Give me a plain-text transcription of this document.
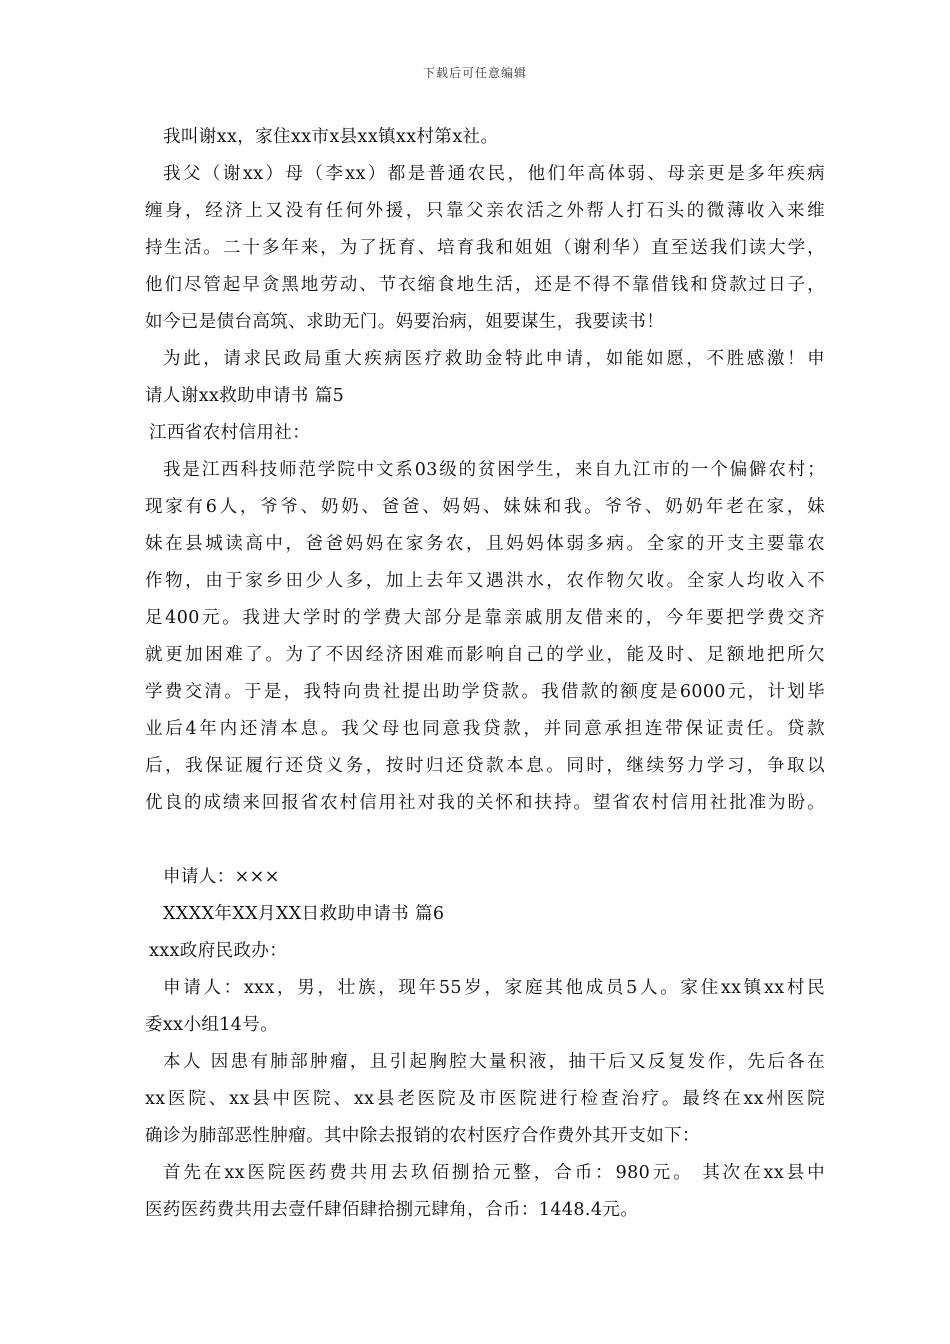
下载后可任意编辑
我叫谢xx，家住xx市x县xx镇xx村第x社。
我父（谢xx）母（李xx）都是普通农民，他们年高体弱、母亲更是多年疾病
缠身，经济上又没有任何外援，只靠父亲农活之外帮人打石头的微薄收入来维
持生活。二十多年来，为了抚育、培育我和姐姐（谢利华）直至送我们读大学，
他们尽管起早贪黑地劳动、节衣缩食地生活，还是不得不靠借钱和贷款过日子，
如今已是债台高筑、求助无门。妈要治病，姐要谋生，我要读书！
为此，请求民政局重大疾病医疗救助金特此申请，如能如愿，不胜感激！申
请人谢xx救助申请书 篇5
江西省农村信用社：
我是江西科技师范学院中文系03级的贫困学生，来自九江市的一个偏僻农村；
现家有6人，爷爷、奶奶、爸爸、妈妈、妹妹和我。爷爷、奶奶年老在家，妹
妹在县城读高中，爸爸妈妈在家务农，且妈妈体弱多病。全家的开支主要靠农
作物，由于家乡田少人多，加上去年又遇洪水，农作物欠收。全家人均收入不
足400元。我进大学时的学费大部分是靠亲戚朋友借来的，今年要把学费交齐
就更加困难了。为了不因经济困难而影响自己的学业，能及时、足额地把所欠
学费交清。于是，我特向贵社提出助学贷款。我借款的额度是6000元，计划毕
业后4年内还清本息。我父母也同意我贷款，并同意承担连带保证责任。贷款
后，我保证履行还贷义务，按时归还贷款本息。同时，继续努力学习，争取以
优良的成绩来回报省农村信用社对我的关怀和扶持。望省农村信用社批准为盼。
申请人：×××
XXXX年XX月XX日救助申请书 篇6
xxx政府民政办：
申请人：xxx，男，壮族，现年55岁，家庭其他成员5人。家住xx镇xx村民
委xx小组14号。
本人 因患有肺部肿瘤，且引起胸腔大量积液，抽干后又反复发作，先后各在
xx医院、xx县中医院、xx县老医院及市医院进行检查治疗。最终在xx州医院
确诊为肺部恶性肿瘤。其中除去报销的农村医疗合作费外其开支如下：
首先在xx医院医药费共用去玖佰捌拾元整，合币：980元。 其次在xx县中
医药医药费共用去壹仟肆佰肆拾捌元肆角，合币：1448.4元。
